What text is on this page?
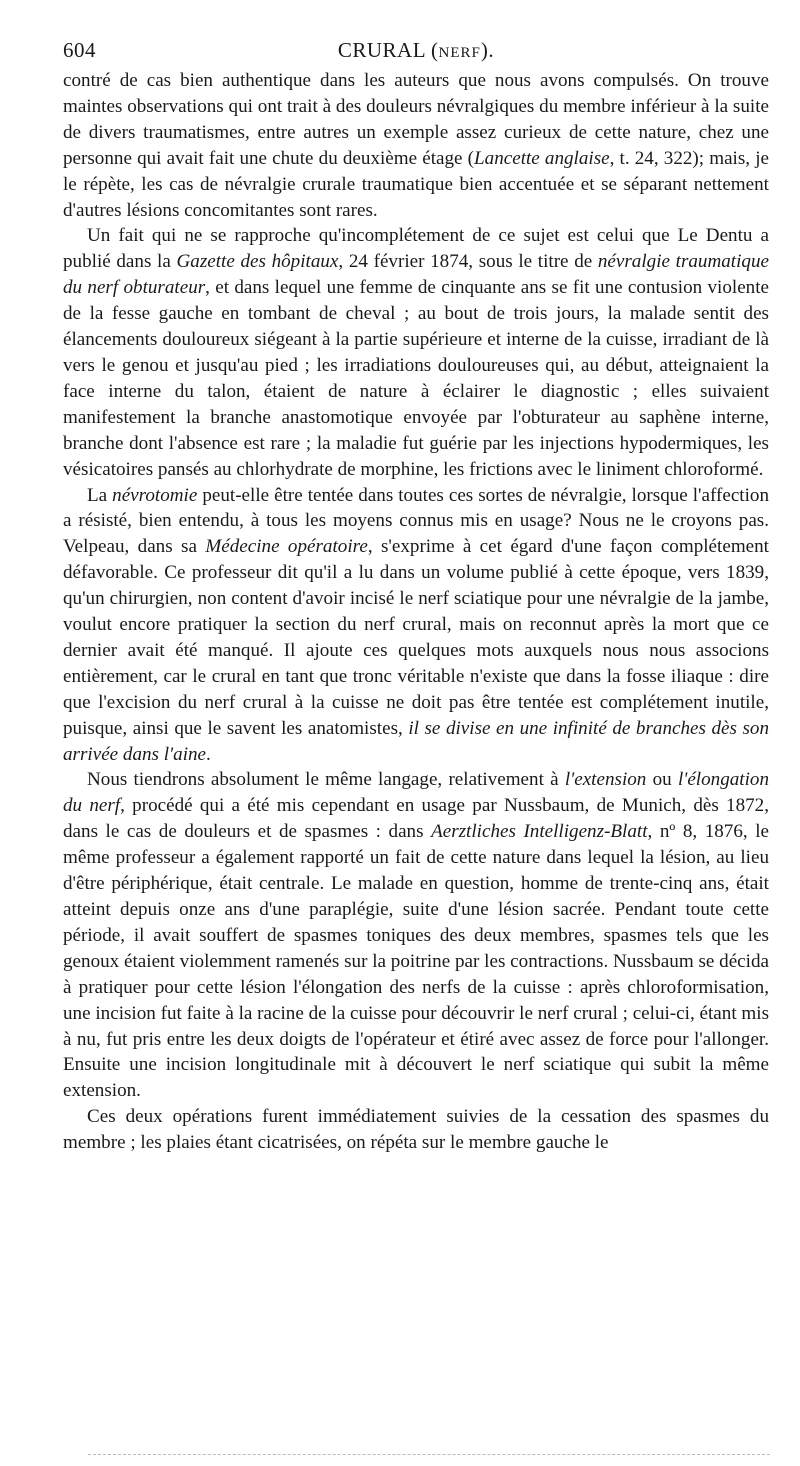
604	CRURAL (NERF).

contré de cas bien authentique dans les auteurs que nous avons compulsés. On trouve maintes observations qui ont trait à des douleurs névralgiques du membre inférieur à la suite de divers traumatismes, entre autres un exemple assez curieux de cette nature, chez une personne qui avait fait une chute du deuxième étage (Lancette anglaise, t. 24, 322); mais, je le répète, les cas de névralgie crurale traumatique bien accentuée et se séparant nettement d'autres lésions concomitantes sont rares.

Un fait qui ne se rapproche qu'incomplétement de ce sujet est celui que Le Dentu a publié dans la Gazette des hôpitaux, 24 février 1874, sous le titre de névralgie traumatique du nerf obturateur, et dans lequel une femme de cinquante ans se fit une contusion violente de la fesse gauche en tombant de cheval ; au bout de trois jours, la malade sentit des élancements douloureux siégeant à la partie supérieure et interne de la cuisse, irradiant de là vers le genou et jusqu'au pied ; les irradiations douloureuses qui, au début, atteignaient la face interne du talon, étaient de nature à éclairer le diagnostic ; elles suivaient manifestement la branche anastomotique envoyée par l'obturateur au saphène interne, branche dont l'absence est rare ; la maladie fut guérie par les injections hypodermiques, les vésicatoires pansés au chlorhydrate de morphine, les frictions avec le liniment chloroformé.

La névrotomie peut-elle être tentée dans toutes ces sortes de névralgie, lorsque l'affection a résisté, bien entendu, à tous les moyens connus mis en usage? Nous ne le croyons pas. Velpeau, dans sa Médecine opératoire, s'exprime à cet égard d'une façon complétement défavorable. Ce professeur dit qu'il a lu dans un volume publié à cette époque, vers 1839, qu'un chirurgien, non content d'avoir incisé le nerf sciatique pour une névralgie de la jambe, voulut encore pratiquer la section du nerf crural, mais on reconnut après la mort que ce dernier avait été manqué. Il ajoute ces quelques mots auxquels nous nous associons entièrement, car le crural en tant que tronc véritable n'existe que dans la fosse iliaque : dire que l'excision du nerf crural à la cuisse ne doit pas être tentée est complétement inutile, puisque, ainsi que le savent les anatomistes, il se divise en une infinité de branches dès son arrivée dans l'aine.

Nous tiendrons absolument le même langage, relativement à l'extension ou l'élongation du nerf, procédé qui a été mis cependant en usage par Nussbaum, de Munich, dès 1872, dans le cas de douleurs et de spasmes : dans Aerztliches Intelligenz-Blatt, nº 8, 1876, le même professeur a également rapporté un fait de cette nature dans lequel la lésion, au lieu d'être périphérique, était centrale. Le malade en question, homme de trente-cinq ans, était atteint depuis onze ans d'une paraplégie, suite d'une lésion sacrée. Pendant toute cette période, il avait souffert de spasmes toniques des deux membres, spasmes tels que les genoux étaient violemment ramenés sur la poitrine par les contractions. Nussbaum se décida à pratiquer pour cette lésion l'élongation des nerfs de la cuisse : après chloroformisation, une incision fut faite à la racine de la cuisse pour découvrir le nerf crural ; celui-ci, étant mis à nu, fut pris entre les deux doigts de l'opérateur et étiré avec assez de force pour l'allonger. Ensuite une incision longitudinale mit à découvert le nerf sciatique qui subit la même extension.

Ces deux opérations furent immédiatement suivies de la cessation des spasmes du membre ; les plaies étant cicatrisées, on répéta sur le membre gauche le
